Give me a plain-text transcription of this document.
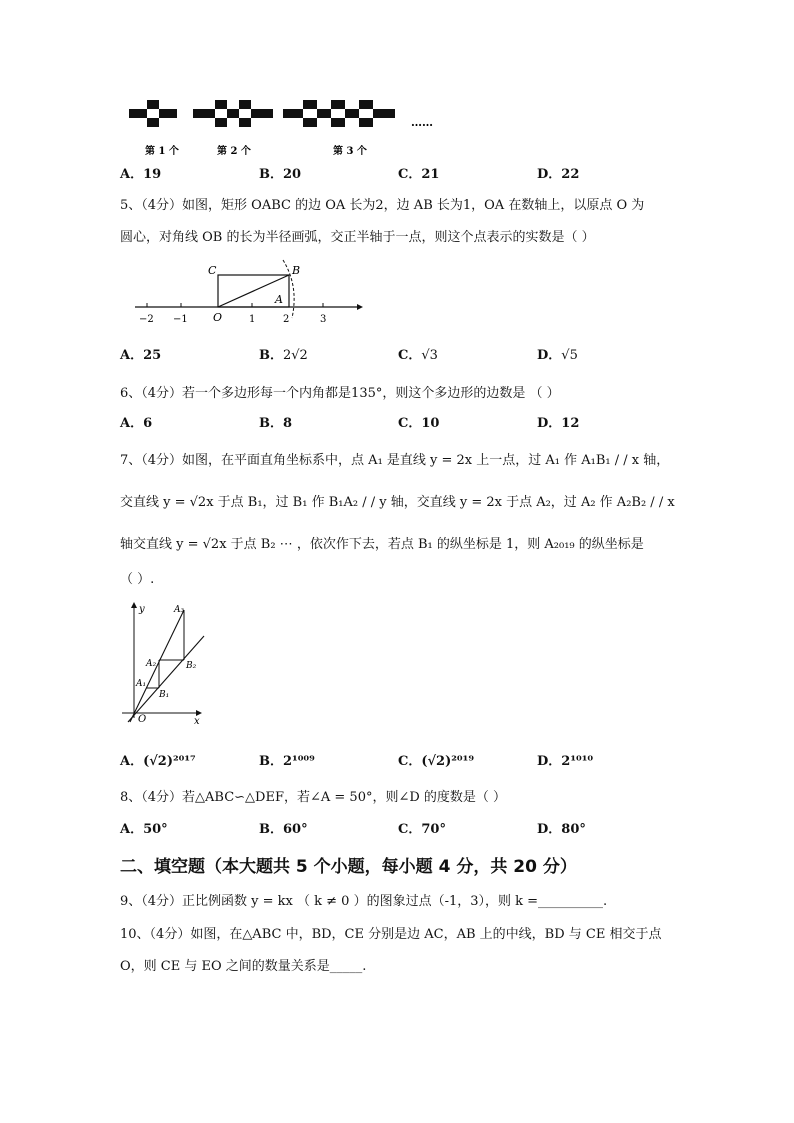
第 1 个	第 2 个	第 3 个
……
A．19	B．20	C．21	D．22
5、（4分）如图，矩形 OABC 的边 OA 长为2，边 AB 长为1，OA 在数轴上，以原点 O 为
圆心，对角线 OB 的长为半径画弧，交正半轴于一点，则这个点表示的实数是（ ）
C	B
A
O
−2 −1	1	2	3
A．25	B．2√2	C．√3	D．√5
6、（4分）若一个多边形每一个内角都是135°，则这个多边形的边数是 （ ）
A．6	B．8	C．10	D．12
7、（4分）如图，在平面直角坐标系中，点 A₁ 是直线 y = 2x 上一点，过 A₁ 作 A₁B₁ / / x 轴，
交直线 y = √2x 于点 B₁，过 B₁ 作 B₁A₂ / / y 轴，交直线 y = 2x 于点 A₂，过 A₂ 作 A₂B₂ / / x
轴交直线 y = √2x 于点 B₂ ⋯ ，依次作下去，若点 B₁ 的纵坐标是 1，则 A₂₀₁₉ 的纵坐标是
（ ）.
y
x
O
A₁
A₂
A₃
B₁
B₂
A．(√2)²⁰¹⁷	B．2¹⁰⁰⁹	C．(√2)²⁰¹⁹	D．2¹⁰¹⁰
8、（4分）若△ABC∽△DEF，若∠A = 50°，则∠D 的度数是（ ）
A．50°	B．60°	C．70°	D．80°
二、填空题（本大题共 5 个小题，每小题 4 分，共 20 分）
9、（4分）正比例函数 y = kx （ k ≠ 0 ）的图象过点（-1，3），则 k =__________.
10、（4分）如图，在△ABC 中，BD，CE 分别是边 AC，AB 上的中线，BD 与 CE 相交于点
O，则 CE 与 EO 之间的数量关系是_____.
